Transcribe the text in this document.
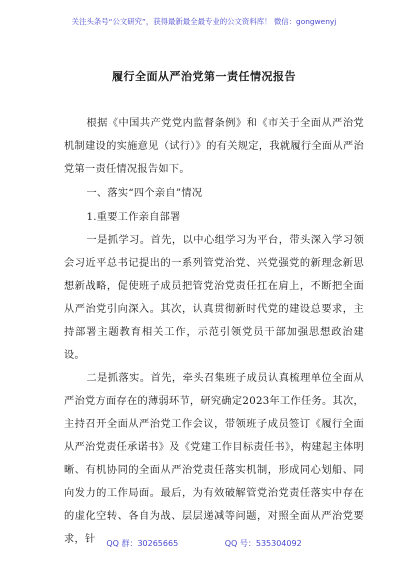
关注头条号“公文研究”，获得最新最全最专业的公文资料库！ 微信：gongwenyj
履行全面从严治党第一责任情况报告

根据《中国共产党党内监督条例》和《市关于全面从严治党机制建设的实施意见（试行）》的有关规定，我就履行全面从严治党第一责任情况报告如下。

一、落实“四个亲自”情况

1.重要工作亲自部署

一是抓学习。首先，以中心组学习为平台，带头深入学习领会习近平总书记提出的一系列管党治党、兴党强党的新理念新思想新战略，促使班子成员把管党治党责任扛在肩上，不断把全面从严治党引向深入。其次，认真贯彻新时代党的建设总要求，主持部署主题教育相关工作，示范引领党员干部加强思想政治建设。

二是抓落实。首先，牵头召集班子成员认真梳理单位全面从严治党方面存在的薄弱环节，研究确定2023年工作任务。其次，主持召开全面从严治党工作会议，带领班子成员签订《履行全面从严治党责任承诺书》及《党建工作目标责任书》，构建起主体明晰、有机协同的全面从严治党责任落实机制，形成同心划船、同向发力的工作局面。最后，为有效破解管党治党责任落实中存在的虚化空转、各自为战、层层递减等问题，对照全面从严治党要求，针	QQ 群：30265665	QQ 号：535304092
